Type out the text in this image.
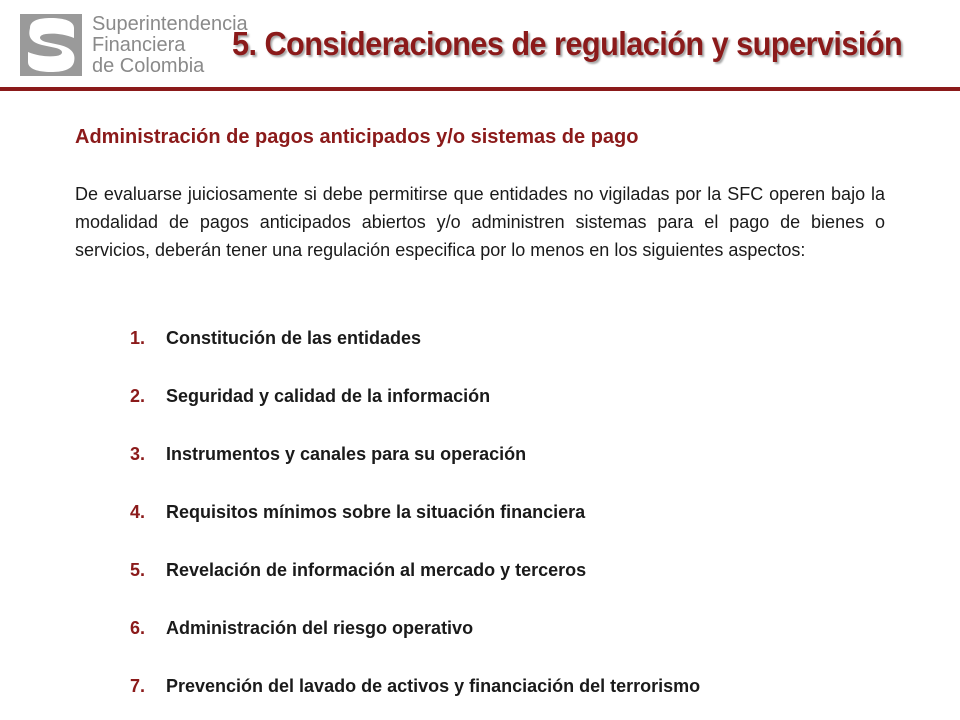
Superintendencia
Financiera
de Colombia
5. Consideraciones de regulación y supervisión
Administración de pagos anticipados y/o sistemas de pago

De evaluarse juiciosamente si debe permitirse que entidades no vigiladas por la SFC operen bajo la modalidad de pagos anticipados abiertos y/o administren sistemas para el pago de bienes o servicios, deberán tener una regulación especifica por lo menos en los siguientes aspectos:

1. Constitución de las entidades
2. Seguridad y calidad de la información
3. Instrumentos y canales para su operación
4. Requisitos mínimos sobre la situación financiera
5. Revelación de información al mercado y terceros
6. Administración del riesgo operativo
7. Prevención del lavado de activos y financiación del terrorismo
